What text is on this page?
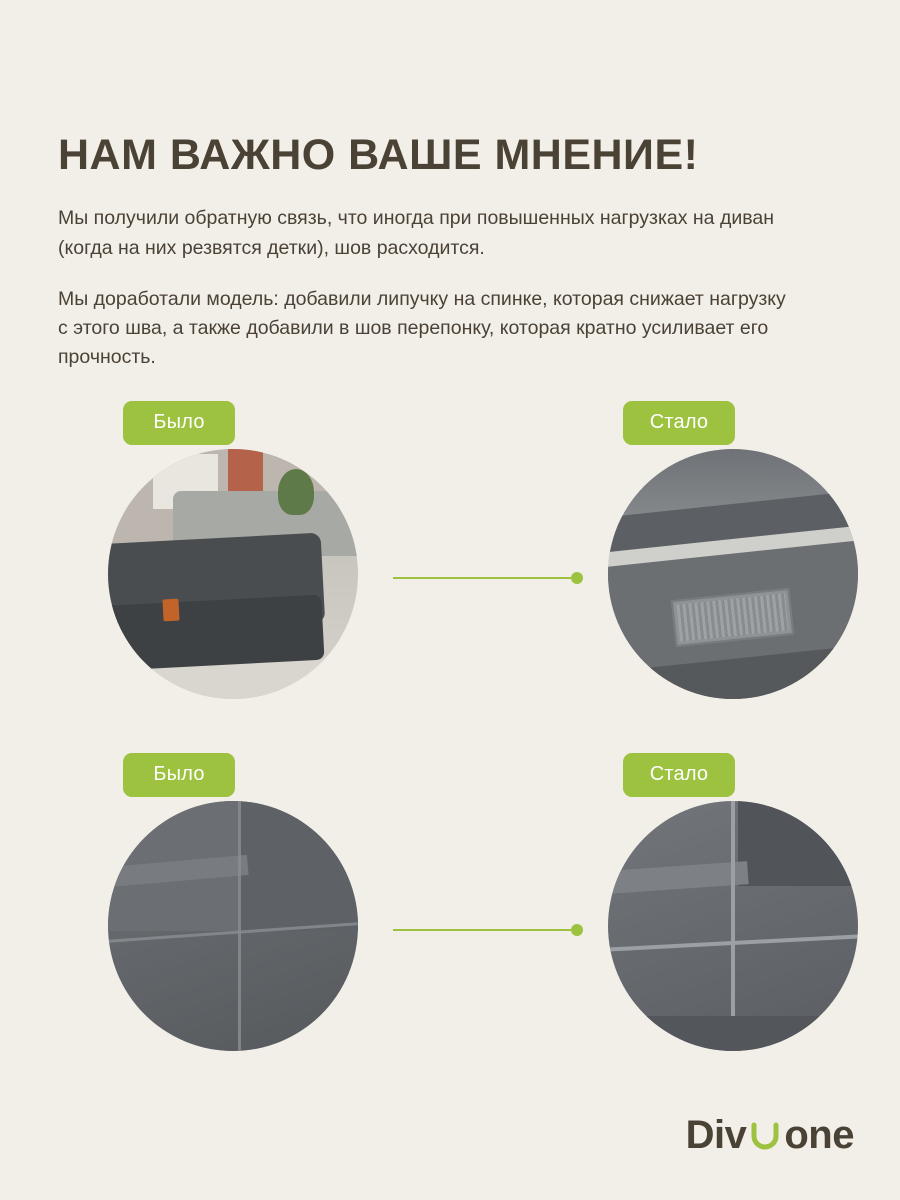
НАМ ВАЖНО ВАШЕ МНЕНИЕ!

Мы получили обратную связь, что иногда при повышенных нагрузках на диван (когда на них резвятся детки), шов расходится.

Мы доработали модель: добавили липучку на спинке, которая снижает нагрузку с этого шва, а также добавили в шов перепонку, которая кратно усиливает его прочность.

Было	Стало
Было	Стало
Div one
